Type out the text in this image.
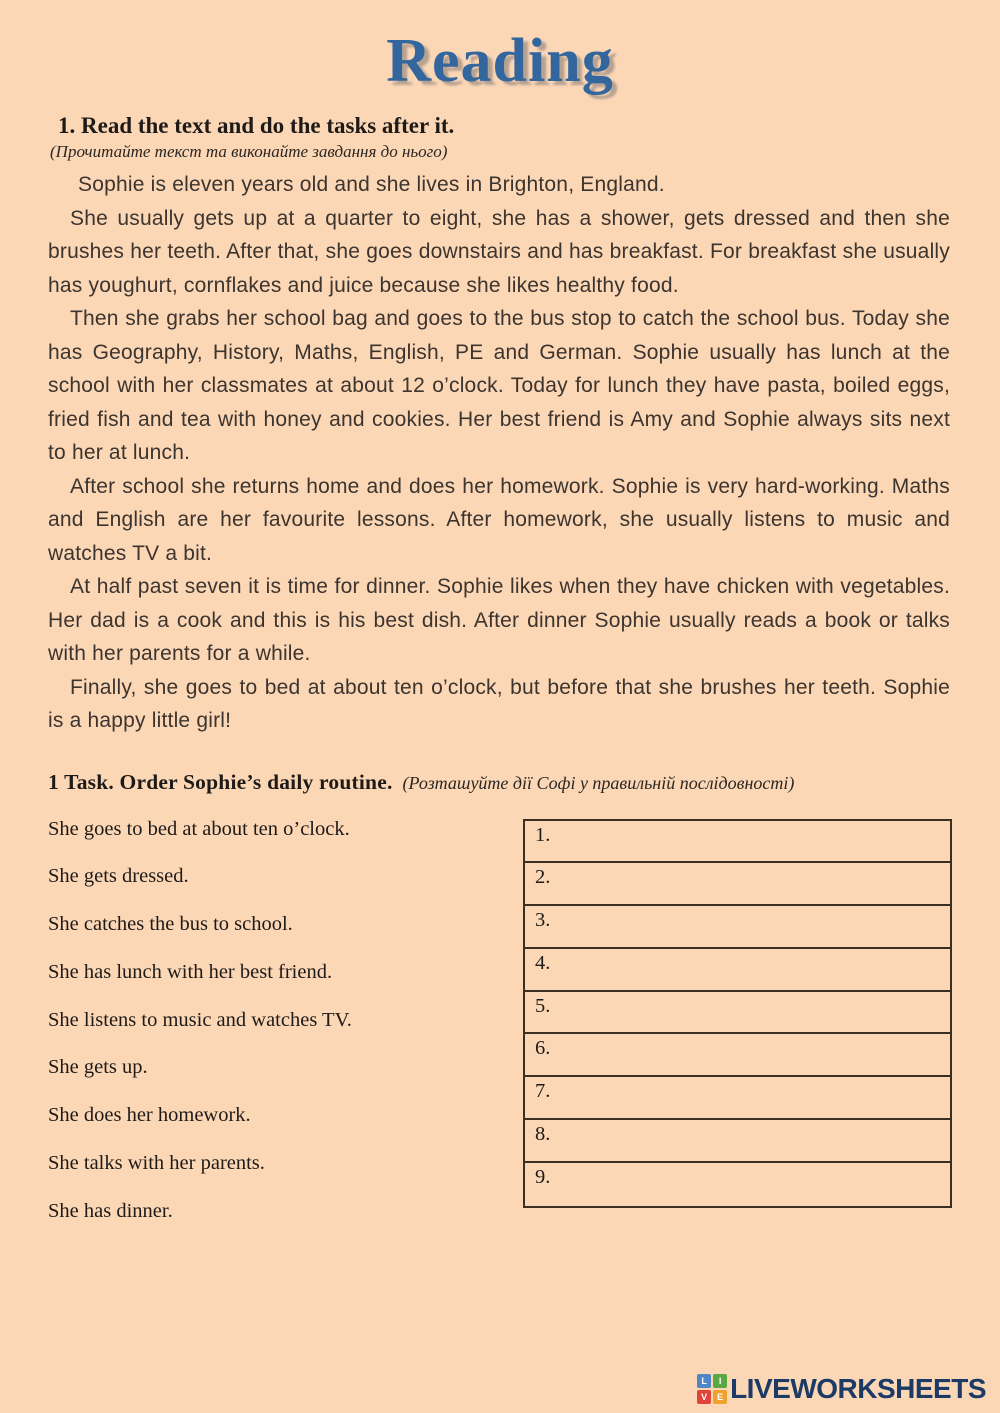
Reading
1. Read the text and do the tasks after it.

(Прочитайте текст та виконайте завдання до нього)

Sophie is eleven years old and she lives in Brighton, England.

She usually gets up at a quarter to eight, she has a shower, gets dressed and then she brushes her teeth. After that, she goes downstairs and has breakfast. For breakfast she usually has youghurt, cornflakes and juice because she likes healthy food.

Then she grabs her school bag and goes to the bus stop to catch the school bus. Today she has Geography, History, Maths, English, PE and German. Sophie usually has lunch at the school with her classmates at about 12 o’clock. Today for lunch they have pasta, boiled eggs, fried fish and tea with honey and cookies. Her best friend is Amy and Sophie always sits next to her at lunch.

After school she returns home and does her homework. Sophie is very hard-working. Maths and English are her favourite lessons. After homework, she usually listens to music and watches TV a bit.

At half past seven it is time for dinner. Sophie likes when they have chicken with vegetables. Her dad is a cook and this is his best dish. After dinner Sophie usually reads a book or talks with her parents for a while.

Finally, she goes to bed at about ten o’clock, but before that she brushes her teeth. Sophie is a happy little girl!

1 Task. Order Sophie’s daily routine. (Розташуйте дії Софі у правильній послідовності)
She goes to bed at about ten o’clock.
She gets dressed.
She catches the bus to school.
She has lunch with her best friend.
She listens to music and watches TV.
She gets up.
She does her homework.
She talks with her parents.
She has dinner.
1.
2.
3.
4.
5.
6.
7.
8.
9.
L	I
V	E LIVEWORKSHEETS
